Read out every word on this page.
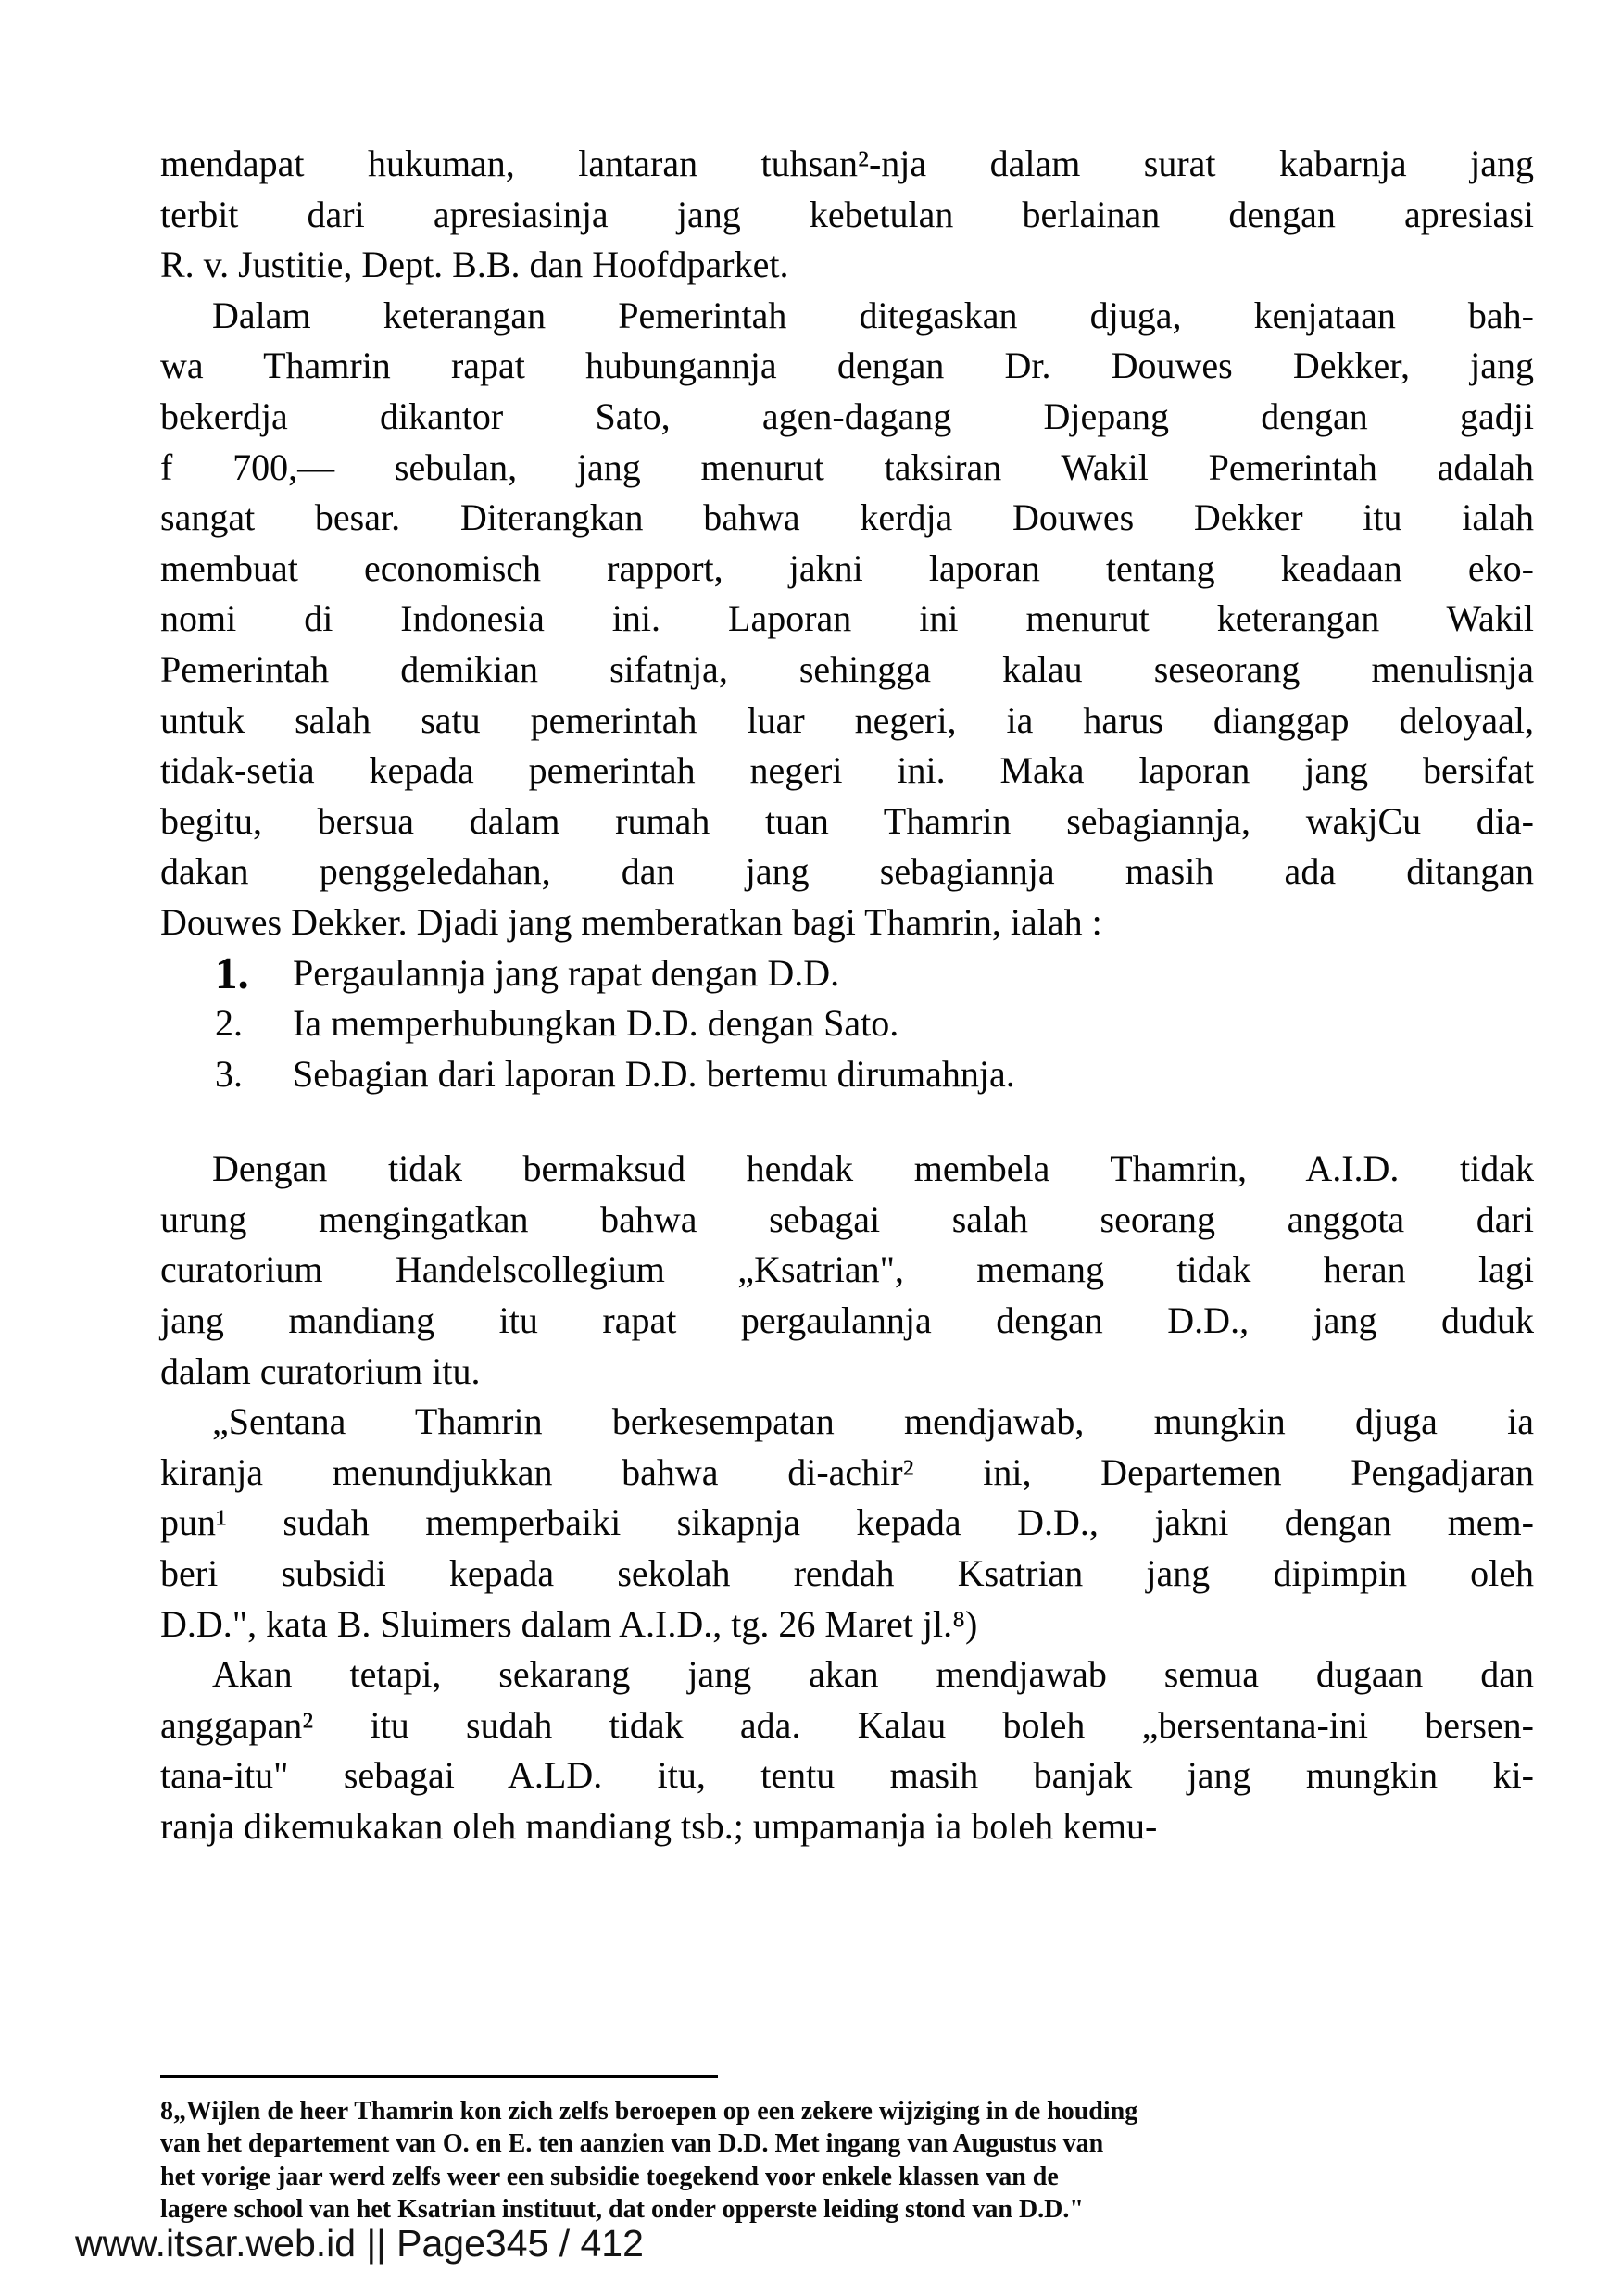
mendapat hukuman, lantaran tuhsan²-nja dalam surat kabarnja jang
terbit dari apresiasinja jang kebetulan berlainan dengan apresiasi
R. v. Justitie, Dept. B.B. dan Hoofdparket.
Dalam keterangan Pemerintah ditegaskan djuga, kenjataan bah-
wa Thamrin rapat hubungannja dengan Dr. Douwes Dekker, jang
bekerdja dikantor Sato, agen-dagang Djepang dengan gadji
f 700,— sebulan, jang menurut taksiran Wakil Pemerintah adalah
sangat besar. Diterangkan bahwa kerdja Douwes Dekker itu ialah
membuat economisch rapport, jakni laporan tentang keadaan eko-
nomi di Indonesia ini. Laporan ini menurut keterangan Wakil
Pemerintah demikian sifatnja, sehingga kalau seseorang menulisnja
untuk salah satu pemerintah luar negeri, ia harus dianggap deloyaal,
tidak-setia kepada pemerintah negeri ini. Maka laporan jang bersifat
begitu, bersua dalam rumah tuan Thamrin sebagiannja, wakjCu dia-
dakan penggeledahan, dan jang sebagiannja masih ada ditangan
Douwes Dekker. Djadi jang memberatkan bagi Thamrin, ialah :
1. Pergaulannja jang rapat dengan D.D.
2. Ia memperhubungkan D.D. dengan Sato.
3. Sebagian dari laporan D.D. bertemu dirumahnja.
Dengan tidak bermaksud hendak membela Thamrin, A.I.D. tidak
urung mengingatkan bahwa sebagai salah seorang anggota dari
curatorium Handelscollegium „Ksatrian", memang tidak heran lagi
jang mandiang itu rapat pergaulannja dengan D.D., jang duduk
dalam curatorium itu.
„Sentana Thamrin berkesempatan mendjawab, mungkin djuga ia
kiranja menundjukkan bahwa di-achir² ini, Departemen Pengadjaran
pun¹ sudah memperbaiki sikapnja kepada D.D., jakni dengan mem-
beri subsidi kepada sekolah rendah Ksatrian jang dipimpin oleh
D.D.", kata B. Sluimers dalam A.I.D., tg. 26 Maret jl.⁸)
Akan tetapi, sekarang jang akan mendjawab semua dugaan dan
anggapan² itu sudah tidak ada. Kalau boleh „bersentana-ini bersen-
tana-itu" sebagai A.LD. itu, tentu masih banjak jang mungkin ki-
ranja dikemukakan oleh mandiang tsb.; umpamanja ia boleh kemu-
8„Wijlen de heer Thamrin kon zich zelfs beroepen op een zekere wijziging in de houding
van het departement van O. en E. ten aanzien van D.D. Met ingang van Augustus van
het vorige jaar werd zelfs weer een subsidie toegekend voor enkele klassen van de
lagere school van het Ksatrian instituut, dat onder opperste leiding stond van D.D."
www.itsar.web.id || Page345 / 412
